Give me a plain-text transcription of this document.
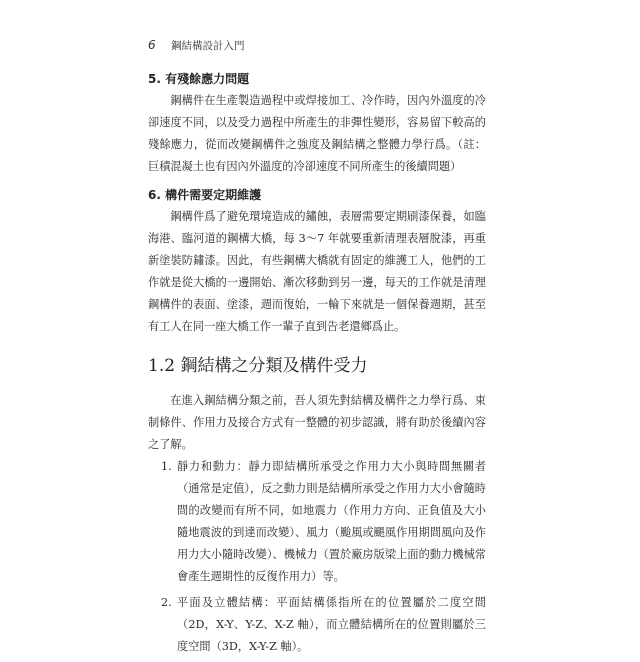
6 鋼結構設計入門
5. 有殘餘應力問題

鋼構件在生產製造過程中或焊接加工、冷作時，因內外溫度的冷卻速度不同，以及受力過程中所產生的非彈性變形，容易留下較高的殘餘應力，從而改變鋼構件之強度及鋼結構之整體力學行爲。（註：巨積混凝土也有因內外溫度的冷卻速度不同所產生的後續問題）

6. 構件需要定期維護

鋼構件爲了避免環境造成的鏽蝕，表層需要定期刷漆保養，如臨海港、臨河道的鋼構大橋，每 3～7 年就要重新清理表層脫漆，再重新塗裝防鏽漆。因此，有些鋼構大橋就有固定的維護工人，他們的工作就是從大橋的一邊開始、漸次移動到另一邊，每天的工作就是清理鋼構件的表面、塗漆，週而復始，一輪下來就是一個保養週期，甚至有工人在同一座大橋工作一輩子直到告老還鄉爲止。

1.2 鋼結構之分類及構件受力

在進入鋼結構分類之前，吾人須先對結構及構件之力學行爲、束制條件、作用力及接合方式有一整體的初步認識，將有助於後續內容之了解。

1. 靜力和動力：靜力即結構所承受之作用力大小與時間無關者（通常是定值），反之動力則是結構所承受之作用力大小會隨時間的改變而有所不同，如地震力（作用力方向、正負值及大小隨地震波的到達而改變）、風力（颱風或颶風作用期間風向及作用力大小隨時改變）、機械力（置於廠房版梁上面的動力機械常會產生週期性的反復作用力）等。
2. 平面及立體結構：平面結構係指所在的位置屬於二度空間（2D，X-Y、Y-Z、X-Z 軸），而立體結構所在的位置則屬於三度空間（3D，X-Y-Z 軸）。
